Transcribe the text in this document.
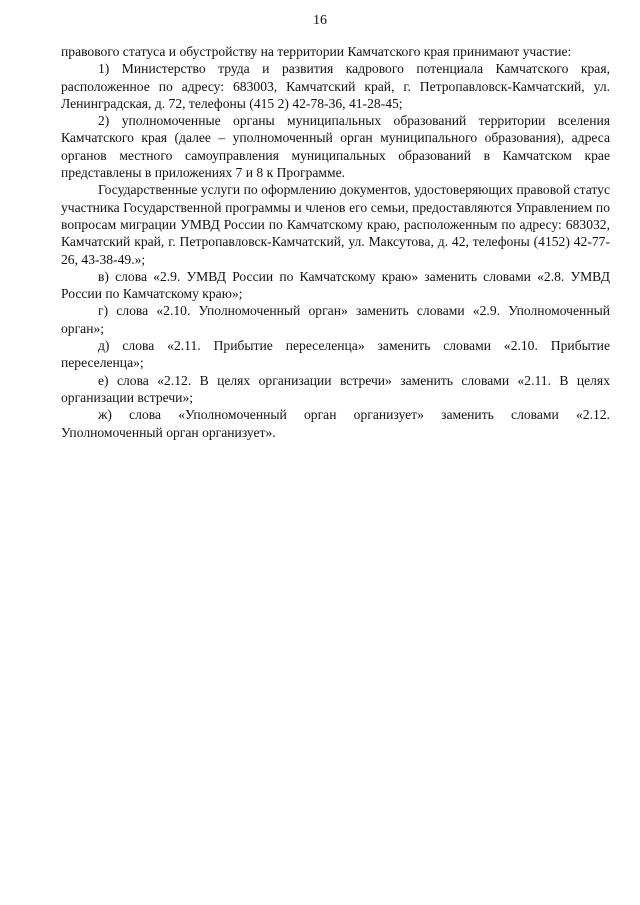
16

правового статуса и обустройству на территории Камчатского края принимают участие:

1) Министерство труда и развития кадрового потенциала Камчатского края, расположенное по адресу: 683003, Камчатский край, г. Петропавловск-Камчатский, ул. Ленинградская, д. 72, телефоны (415 2) 42-78-36, 41-28-45;

2) уполномоченные органы муниципальных образований территории вселения Камчатского края (далее – уполномоченный орган муниципального образования), адреса органов местного самоуправления муниципальных образований в Камчатском крае представлены в приложениях 7 и 8 к Программе.

Государственные услуги по оформлению документов, удостоверяющих правовой статус участника Государственной программы и членов его семьи, предоставляются Управлением по вопросам миграции УМВД России по Камчатскому краю, расположенным по адресу: 683032, Камчатский край, г. Петропавловск-Камчатский, ул. Максутова, д. 42, телефоны (4152) 42-77-26, 43-38-49.»;

в) слова «2.9. УМВД России по Камчатскому краю» заменить словами «2.8. УМВД России по Камчатскому краю»;

г) слова «2.10. Уполномоченный орган» заменить словами «2.9. Уполномоченный орган»;

д) слова «2.11. Прибытие переселенца» заменить словами «2.10. Прибытие переселенца»;

е) слова «2.12. В целях организации встречи» заменить словами «2.11. В целях организации встречи»;

ж) слова «Уполномоченный орган организует» заменить словами «2.12. Уполномоченный орган организует».
